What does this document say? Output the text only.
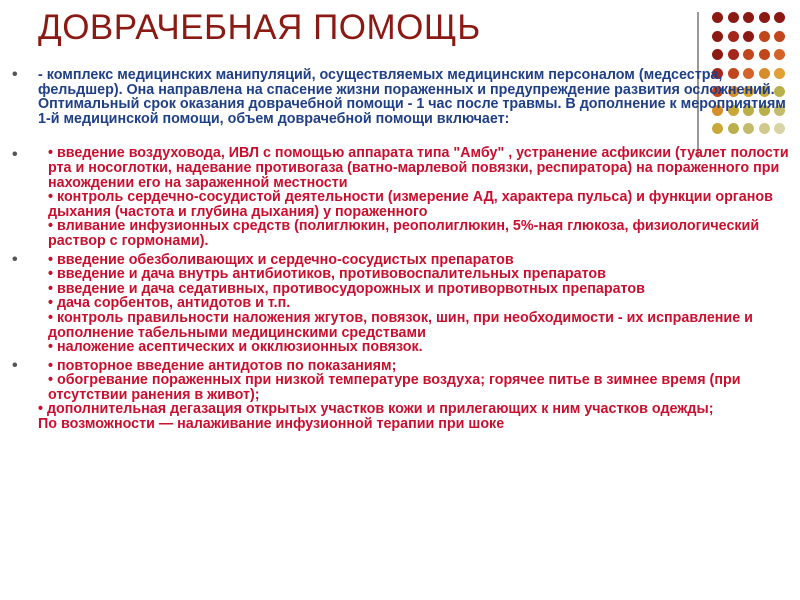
ДОВРАЧЕБНАЯ ПОМОЩЬ
• - комплекс медицинских манипуляций, осуществляемых медицинским персоналом (медсестра, фельдшер). Она направлена на спасение жизни пораженных и предупреждение развития осложнений. Оптимальный срок оказания доврачебной помощи - 1 час после травмы. В дополнение к мероприятиям 1-й медицинской помощи, объем доврачебной помощи включает:

•	• введение воздуховода, ИВЛ с помощью аппарата типа "Амбу" , устранение асфиксии (туалет полости рта и носоглотки, надевание противогаза (ватно-марлевой повязки, респиратора) на пораженного при нахождении его на зараженной местности

• контроль сердечно-сосудистой деятельности (измерение АД, характера пульса) и функции органов дыхания (частота и глубина дыхания) у пораженного

• вливание инфузионных средств (полиглюкин, реополиглюкин, 5%-ная глюкоза, физиологический раствор с гормонами).

•	• введение обезболивающих и сердечно-сосудистых препаратов

• введение и дача внутрь антибиотиков, противовоспалительных препаратов

• введение и дача седативных, противосудорожных и противорвотных препаратов

• дача сорбентов, антидотов и т.п.

• контроль правильности наложения жгутов, повязок, шин, при необходимости - их исправление и дополнение табельными медицинскими средствами

• наложение асептических и окклюзионных повязок.

•	• повторное введение антидотов по показаниям;

• обогревание пораженных при низкой температуре воздуха; горячее питье в зимнее время (при отсутствии ранения в живот);

• дополнительная дегазация открытых участков кожи и прилегающих к ним участков одежды;

По возможности — налаживание инфузионной терапии при шоке
